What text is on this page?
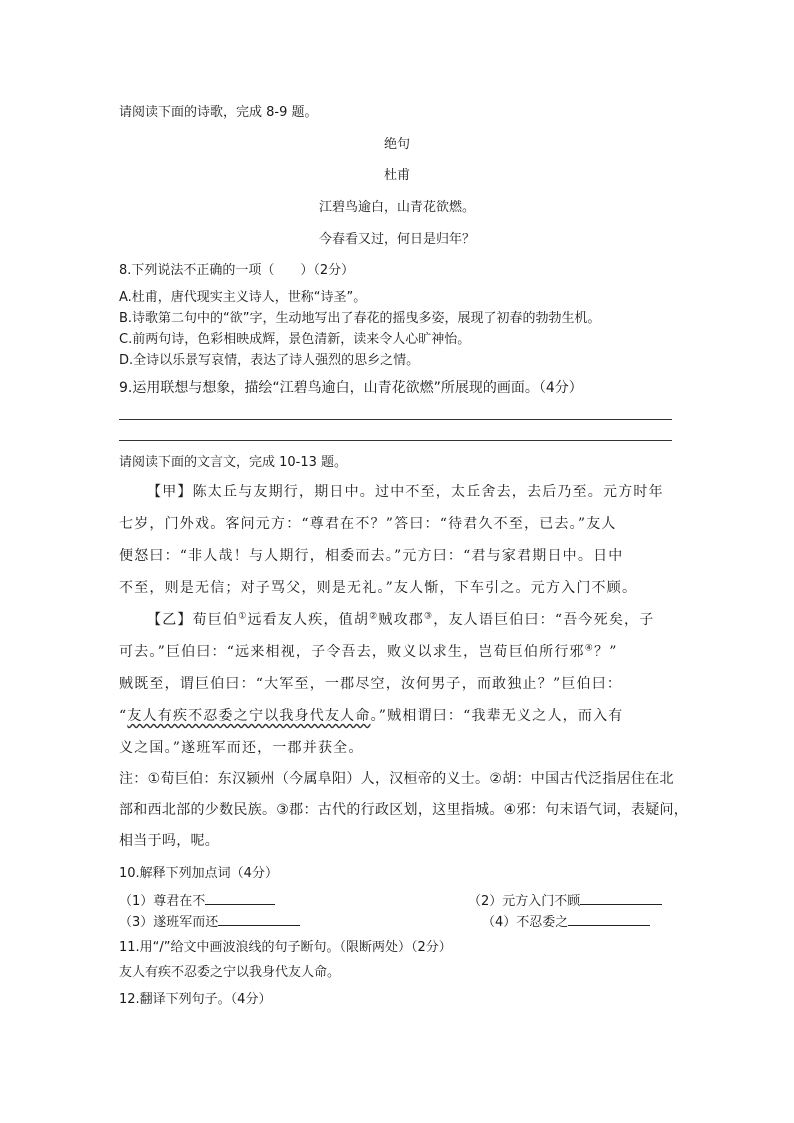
请阅读下面的诗歌，完成 8-9 题。
绝句
杜甫
江碧鸟逾白，山青花欲燃。
今春看又过，何日是归年？
8.下列说法不正确的一项（　　）（2分）
A.杜甫，唐代现实主义诗人，世称“诗圣”。
B.诗歌第二句中的“欲”字，生动地写出了春花的摇曳多姿，展现了初春的勃勃生机。
C.前两句诗，色彩相映成辉，景色清新，读来令人心旷神怡。
D.全诗以乐景写哀情，表达了诗人强烈的思乡之情。
9.运用联想与想象，描绘“江碧鸟逾白，山青花欲燃”所展现的画面。（4分）
请阅读下面的文言文，完成 10-13 题。
【甲】陈太丘与友期行，期日中。过中不至，太丘舍去，去后乃至。元方时年
七岁，门外戏。客问元方：“尊君在不？”答曰：“待君久不至，已去。”友人
便怒曰：“非人哉！与人期行，相委而去。”元方曰：“君与家君期日中。日中
不至，则是无信；对子骂父，则是无礼。”友人惭，下车引之。元方入门不顾。
【乙】荀巨伯①远看友人疾，值胡②贼攻郡③，友人语巨伯曰：“吾今死矣，子
可去。”巨伯曰：“远来相视，子令吾去，败义以求生，岂荀巨伯所行邪④？”
贼既至，谓巨伯曰：“大军至，一郡尽空，汝何男子，而敢独止？”巨伯曰：
“友人有疾不忍委之宁以我身代友人命。”贼相谓曰：“我辈无义之人，而入有
义之国。”遂班军而还，一郡并获全。
注：①荀巨伯：东汉颍州（今属阜阳）人，汉桓帝的义士。②胡：中国古代泛指居住在北
部和西北部的少数民族。③郡：古代的行政区划，这里指城。④邪：句末语气词，表疑问，
相当于吗，呢。
10.解释下列加点词（4分）
（1）尊君在不	（2）元方入门不顾
（3）遂班军而还	（4）不忍委之
11.用“/”给文中画波浪线的句子断句。（限断两处）（2分）
友人有疾不忍委之宁以我身代友人命。
12.翻译下列句子。（4分）
